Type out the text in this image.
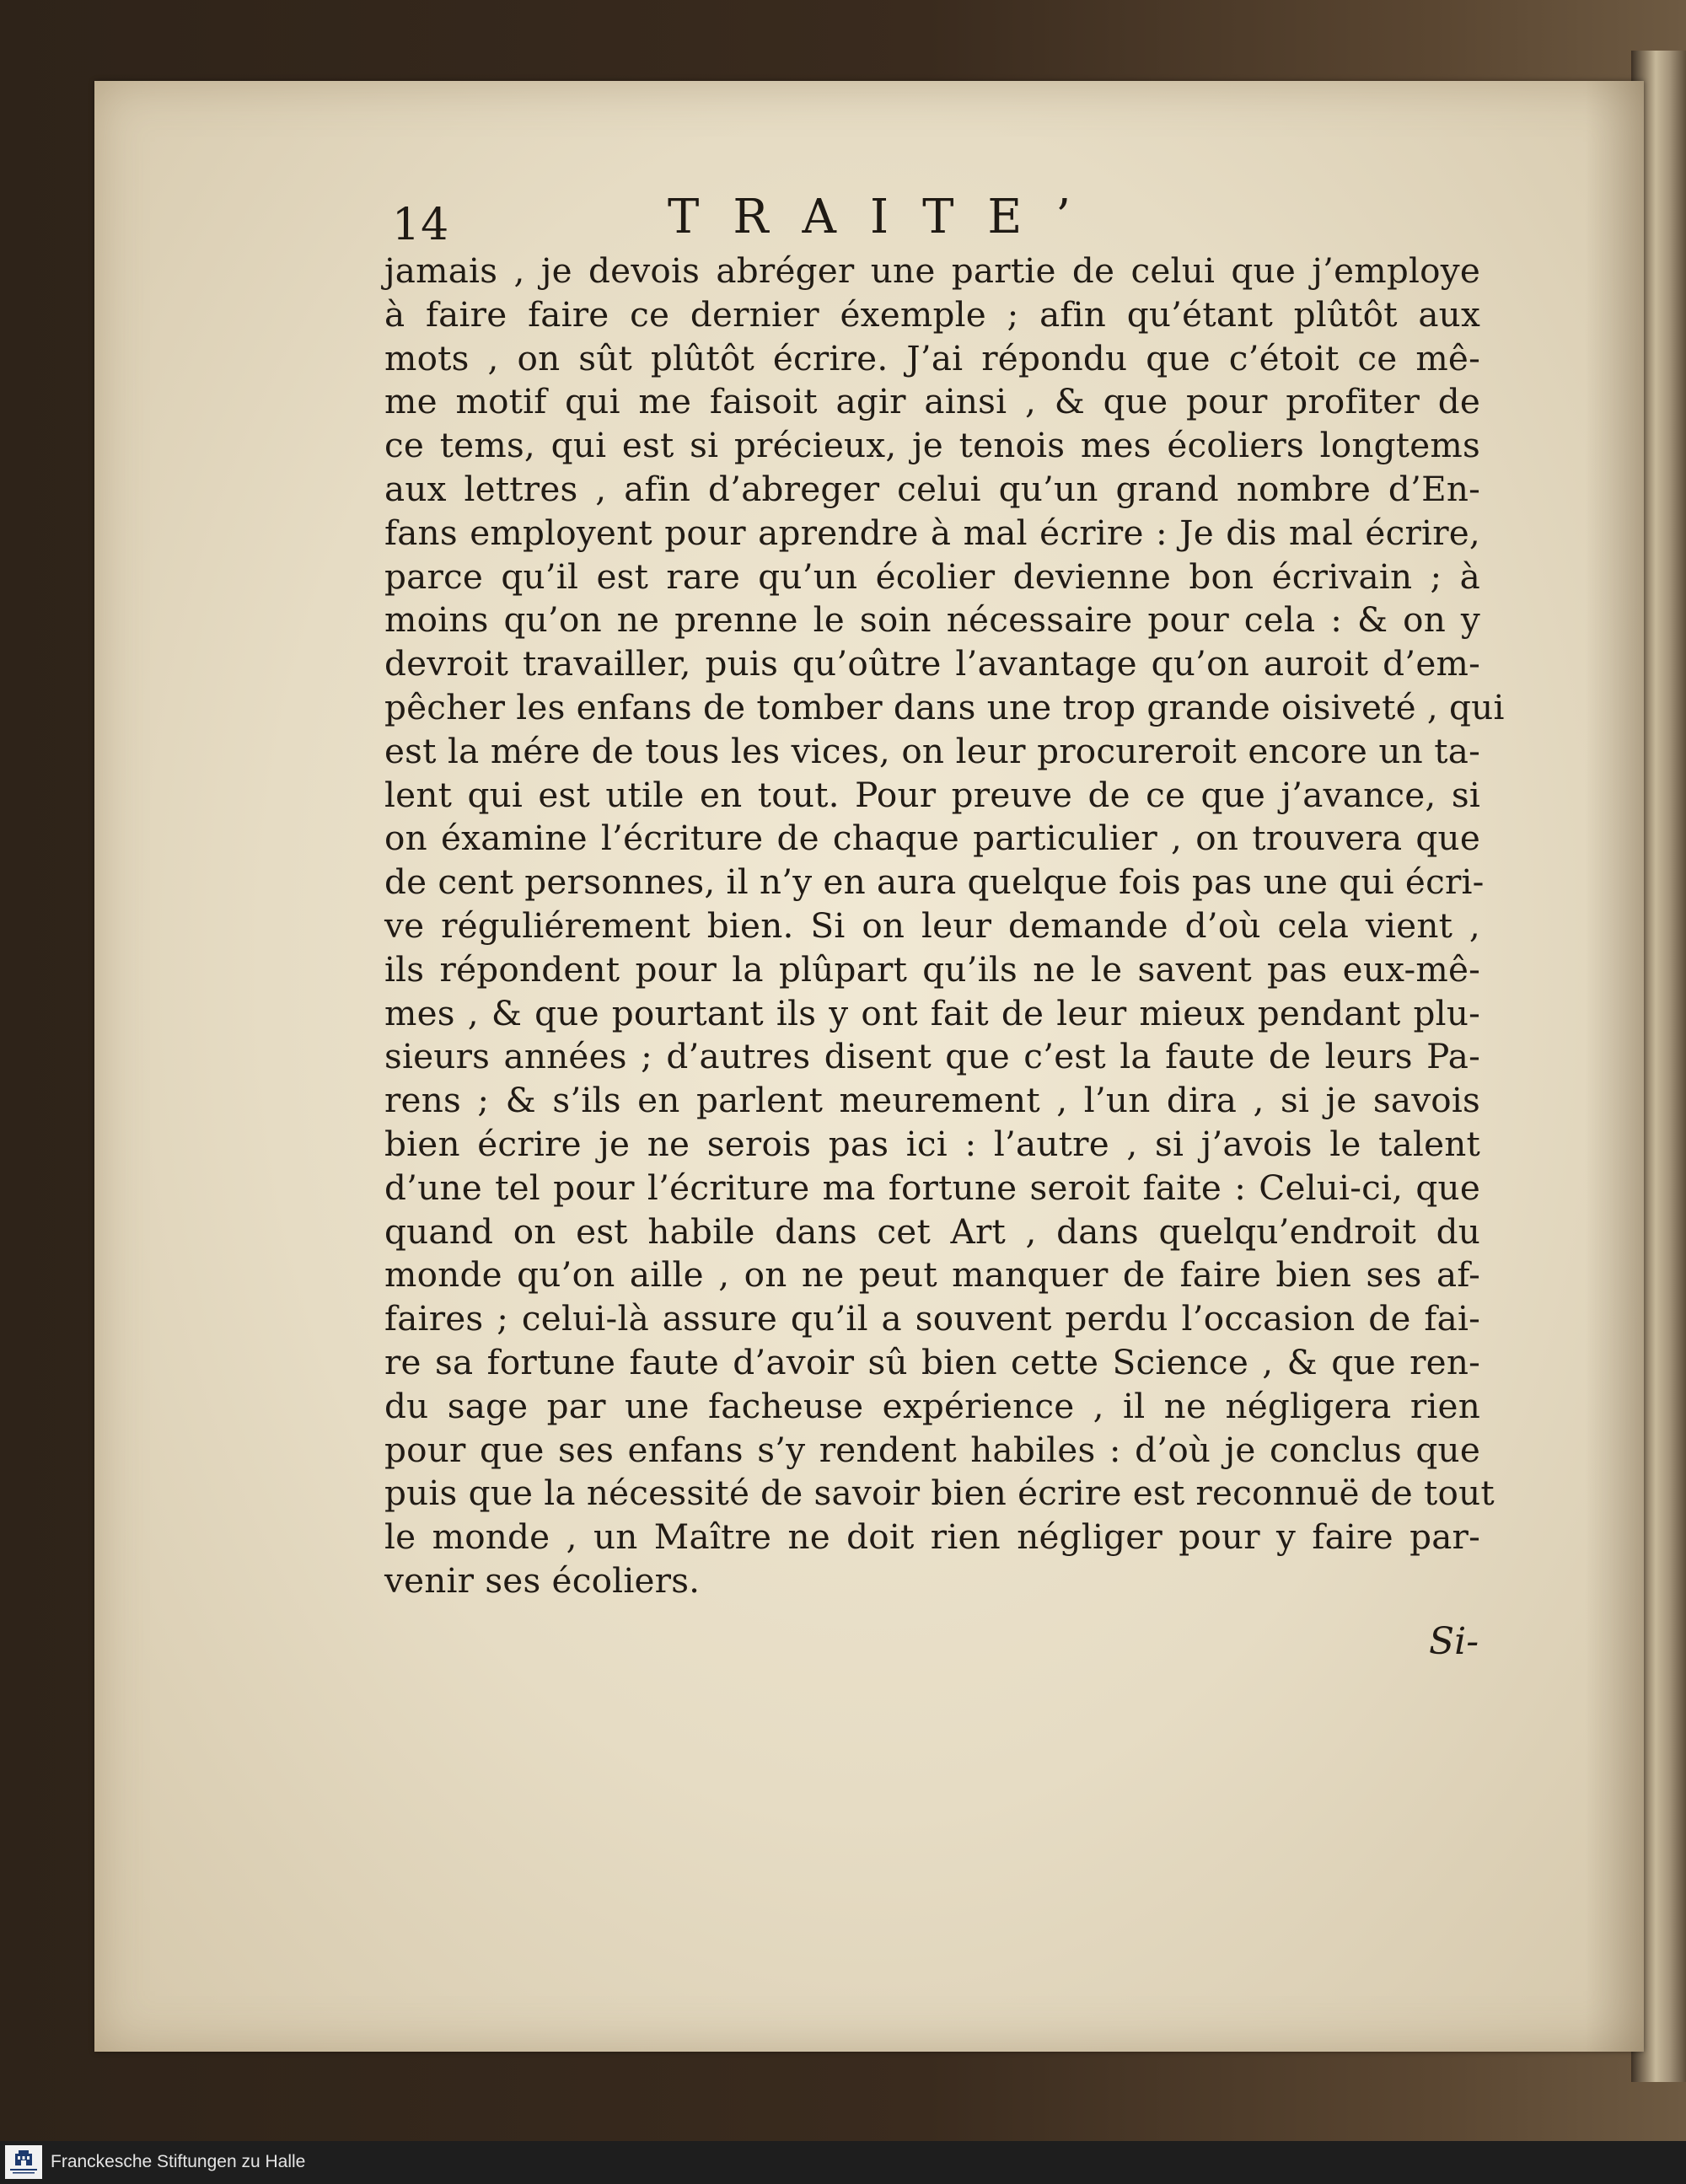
14	TRAITE’
jamais , je devois abréger une partie de celui que j’employe
à faire faire ce dernier éxemple ; afin qu’étant plûtôt aux
mots , on sût plûtôt écrire. J’ai répondu que c’étoit ce mê-
me motif qui me faisoit agir ainsi , & que pour profiter de
ce tems, qui est si précieux, je tenois mes écoliers longtems
aux lettres , afin d’abreger celui qu’un grand nombre d’En-
fans employent pour aprendre à mal écrire : Je dis mal écrire,
parce qu’il est rare qu’un écolier devienne bon écrivain ; à
moins qu’on ne prenne le soin nécessaire pour cela : & on y
devroit travailler, puis qu’oûtre l’avantage qu’on auroit d’em-
pêcher les enfans de tomber dans une trop grande oisiveté , qui
est la mére de tous les vices, on leur procureroit encore un ta-
lent qui est utile en tout. Pour preuve de ce que j’avance, si
on éxamine l’écriture de chaque particulier , on trouvera que
de cent personnes, il n’y en aura quelque fois pas une qui écri-
ve réguliérement bien. Si on leur demande d’où cela vient ,
ils répondent pour la plûpart qu’ils ne le savent pas eux-mê-
mes , & que pourtant ils y ont fait de leur mieux pendant plu-
sieurs années ; d’autres disent que c’est la faute de leurs Pa-
rens ; & s’ils en parlent meurement , l’un dira , si je savois
bien écrire je ne serois pas ici : l’autre , si j’avois le talent
d’une tel pour l’écriture ma fortune seroit faite : Celui-ci, que
quand on est habile dans cet Art , dans quelqu’endroit du
monde qu’on aille , on ne peut manquer de faire bien ses af-
faires ; celui-là assure qu’il a souvent perdu l’occasion de fai-
re sa fortune faute d’avoir sû bien cette Science , & que ren-
du sage par une facheuse expérience , il ne négligera rien
pour que ses enfans s’y rendent habiles : d’où je conclus que
puis que la nécessité de savoir bien écrire est reconnuë de tout
le monde , un Maître ne doit rien négliger pour y faire par-
venir ses écoliers.
Si-
Franckesche Stiftungen zu Halle
